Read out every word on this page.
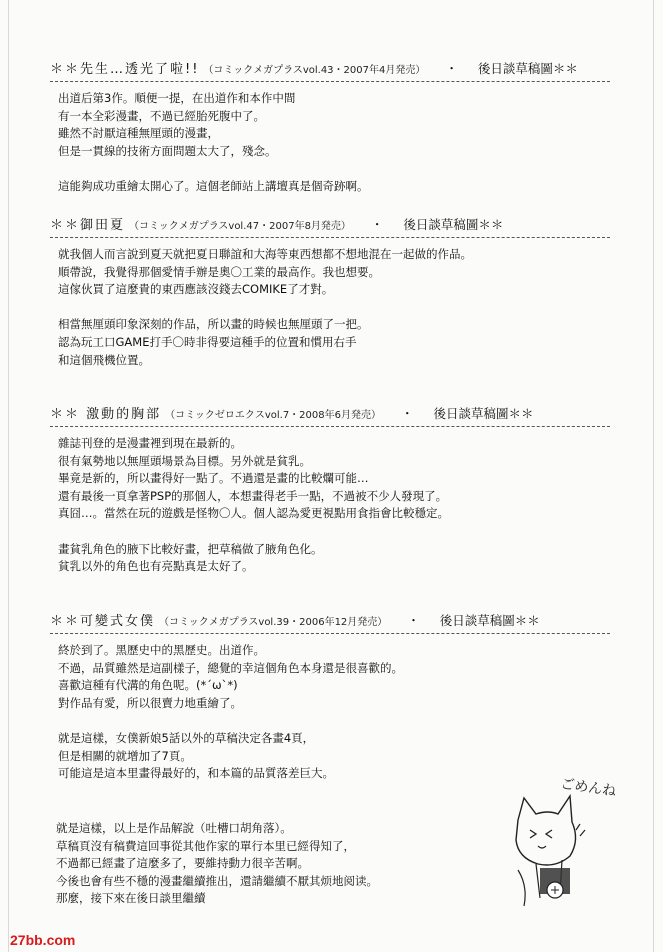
＊＊先生…透光了啦!! （コミックメガプラスvol.43・2007年4月発売） ・ 後日談草稿圖＊＊
出道后第3作。順便一提，在出道作和本作中間
有一本全彩漫畫，不過已經胎死腹中了。
雖然不討厭這種無厘頭的漫畫，
但是一貫線的技術方面問題太大了，殘念。

這能夠成功重繪太開心了。這個老師站上講壇真是個奇跡啊。
＊＊御田夏 （コミックメガプラスvol.47・2007年8月発売） ・ 後日談草稿圖＊＊
就我個人而言說到夏天就把夏日聯誼和大海等東西想都不想地混在一起做的作品。
順帶說，我覺得那個愛情手辦是奧〇工業的最高作。我也想要。
這傢伙買了這麼貴的東西應該沒錢去COMIKE了才對。

相當無厘頭印象深刻的作品，所以畫的時候也無厘頭了一把。
認為玩工口GAME打手〇時非得要這種手的位置和慣用右手
和這個飛機位置。
＊＊ 激動的胸部 （コミックゼロエクスvol.7・2008年6月発売） ・ 後日談草稿圖＊＊
雜誌刊登的是漫畫裡到現在最新的。
很有氣勢地以無厘頭場景為目標。另外就是貧乳。
畢竟是新的，所以畫得好一點了。不過還是畫的比較爛可能…
還有最後一頁拿著PSP的那個人，本想畫得老手一點，不過被不少人發現了。
真囧…。當然在玩的遊戲是怪物〇人。個人認為愛更視點用食指會比較穩定。

畫貧乳角色的腋下比較好畫，把草稿做了腋角色化。
貧乳以外的角色也有亮點真是太好了。
＊＊可變式女僕 （コミックメガプラスvol.39・2006年12月発売） ・ 後日談草稿圖＊＊
終於到了。黑歷史中的黑歷史。出道作。
不過，品質雖然是這副樣子，總覺的幸這個角色本身還是很喜歡的。
喜歡這種有代溝的角色呢。(*´ω`*)
對作品有愛，所以很賣力地重繪了。

就是這樣，女僕新娘5話以外的草稿決定各畫4頁，
但是相關的就增加了7頁。
可能這是這本里畫得最好的，和本篇的品質落差巨大。
就是這樣，以上是作品解說（吐槽口胡角落）。
草稿頁沒有稿費這回事從其他作家的單行本里已經得知了，
不過都已經畫了這麼多了，要維持動力很辛苦啊。
今後也會有些不穩的漫畫繼續推出，還請繼續不厭其烦地阅读。
那麼，接下來在後日談里繼續
ごめんね
27bb.com
